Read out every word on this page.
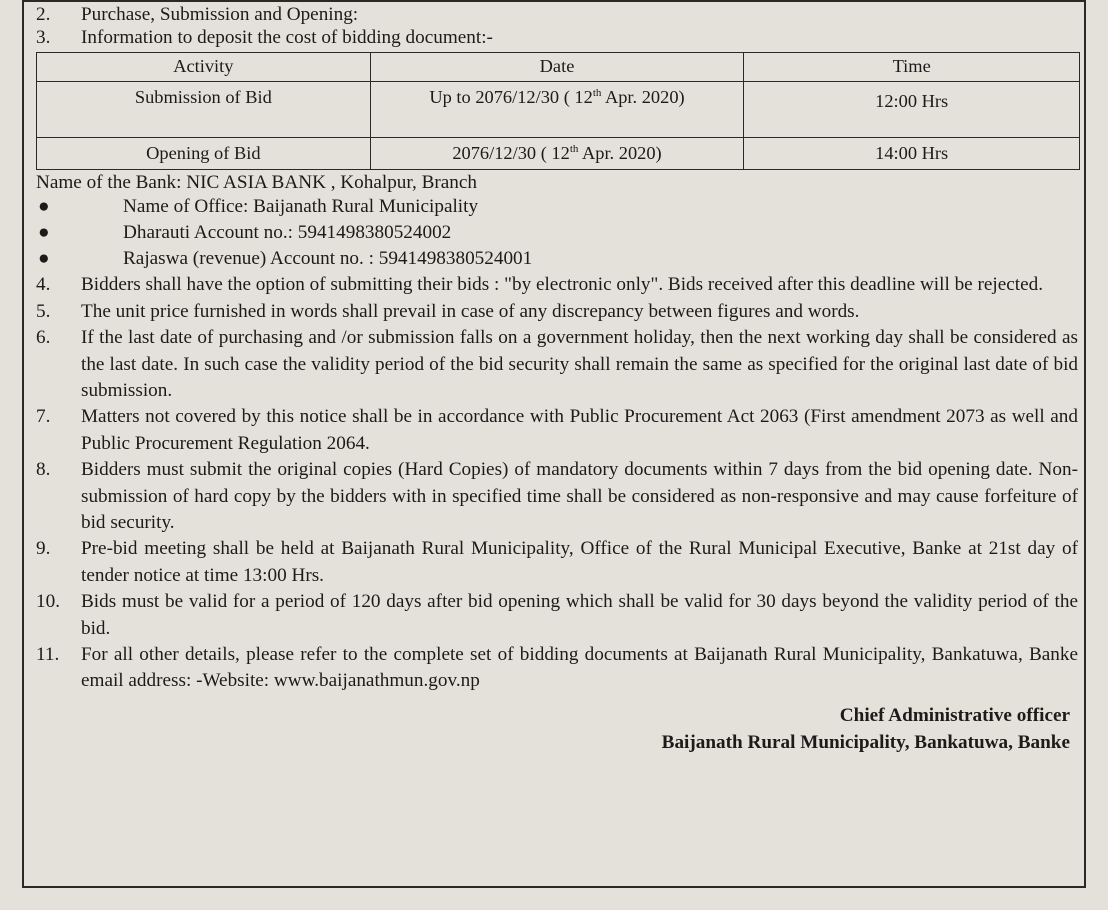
2.	Purchase, Submission and Opening:
3.	Information to deposit the cost of bidding document:-
Activity	Date	Time
Submission of Bid	Up to 2076/12/30 ( 12th Apr. 2020)	12:00 Hrs
Opening of Bid	2076/12/30 ( 12th Apr. 2020)	14:00 Hrs
Name of the Bank: NIC ASIA BANK , Kohalpur, Branch
●	Name of Office: Baijanath Rural Municipality
●	Dharauti Account no.: 5941498380524002
●	Rajaswa (revenue) Account no. : 5941498380524001
4.	Bidders shall have the option of submitting their bids : "by electronic only". Bids received after this deadline will be rejected.
5.	The unit price furnished in words shall prevail in case of any discrepancy between figures and words.
6.	If the last date of purchasing and /or submission falls on a government holiday, then the next working day shall be considered as the last date. In such case the validity period of the bid security shall remain the same as specified for the original last date of bid submission.
7.	Matters not covered by this notice shall be in accordance with Public Procurement Act 2063 (First amendment 2073 as well and Public Procurement Regulation 2064.
8.	Bidders must submit the original copies (Hard Copies) of mandatory documents within 7 days from the bid opening date. Non-submission of hard copy by the bidders with in specified time shall be considered as non-responsive and may cause forfeiture of bid security.
9.	Pre-bid meeting shall be held at Baijanath Rural Municipality, Office of the Rural Municipal Executive, Banke at 21st day of tender notice at time 13:00 Hrs.
10.	Bids must be valid for a period of 120 days after bid opening which shall be valid for 30 days beyond the validity period of the bid.
11.	For all other details, please refer to the complete set of bidding documents at Baijanath Rural Municipality, Bankatuwa, Banke email address: -Website: www.baijanathmun.gov.np
Chief Administrative officer
Baijanath Rural Municipality, Bankatuwa, Banke
